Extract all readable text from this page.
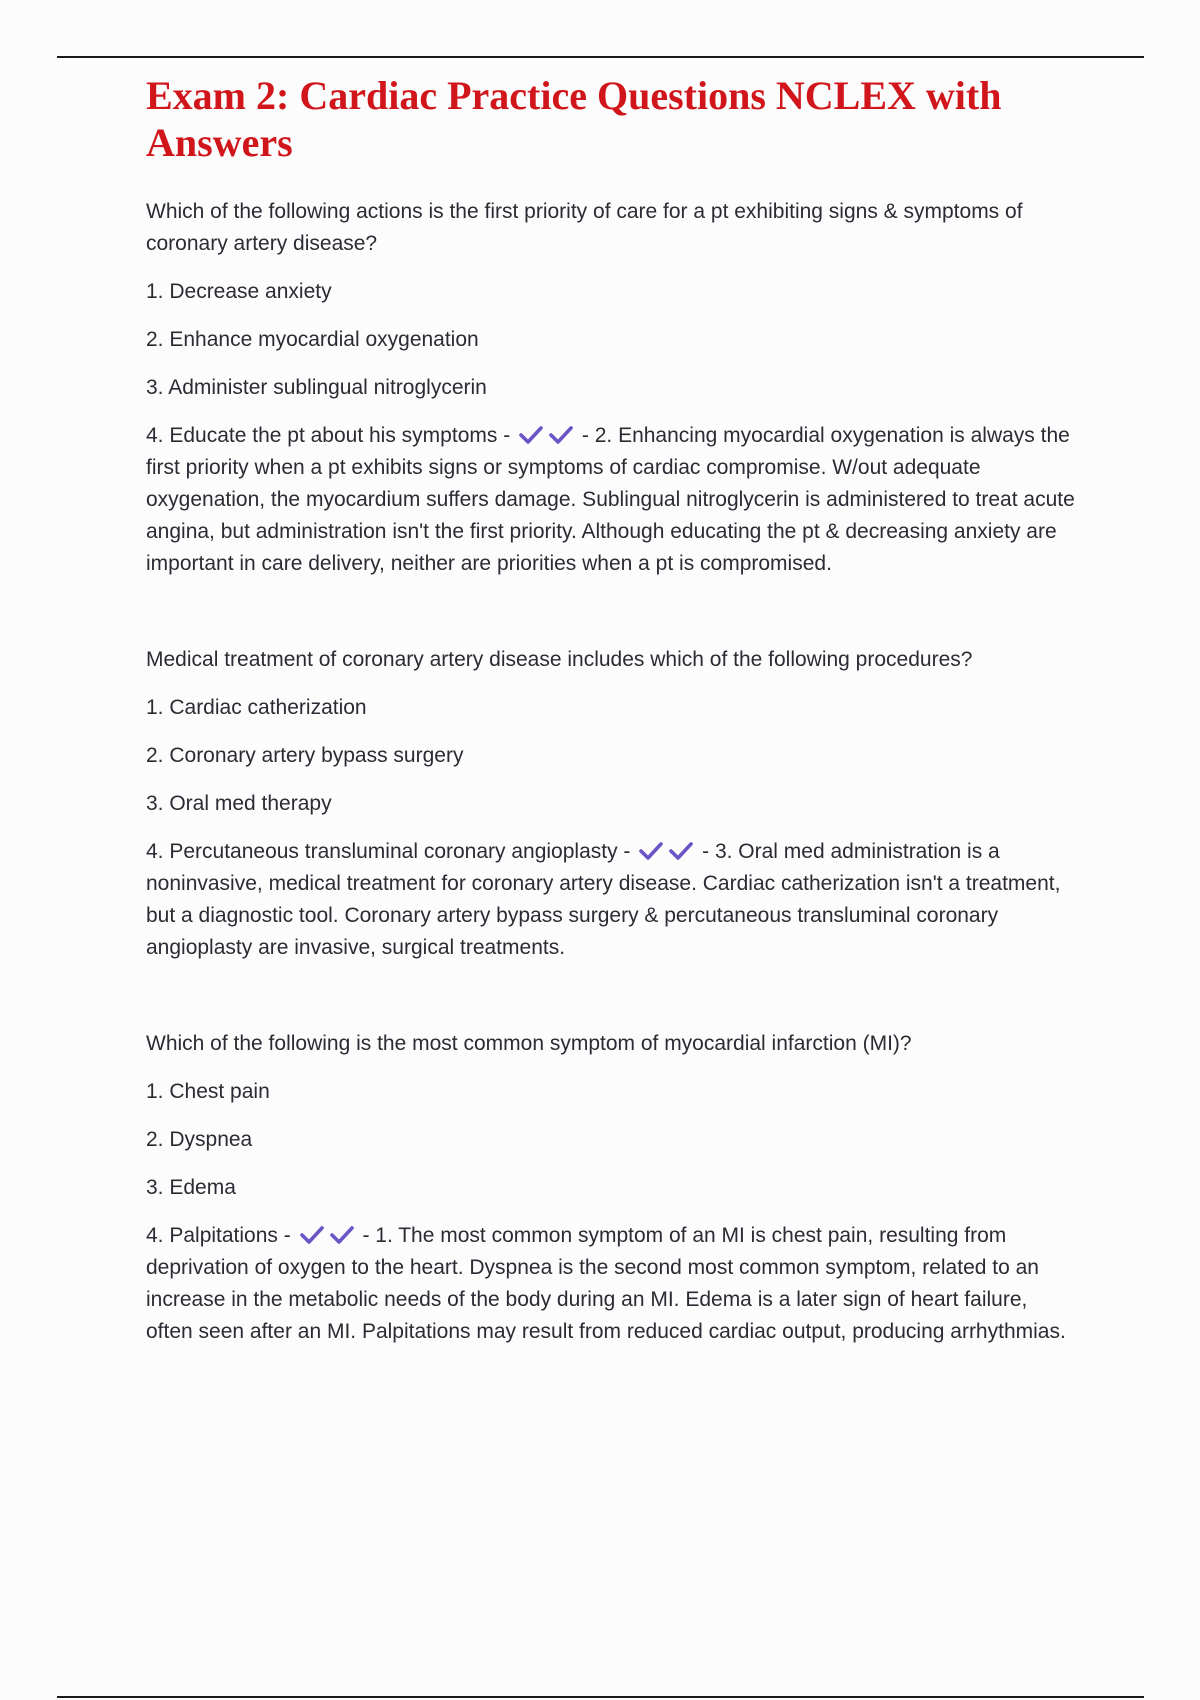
Exam 2: Cardiac Practice Questions NCLEX with Answers

Which of the following actions is the first priority of care for a pt exhibiting signs & symptoms of coronary artery disease?

1. Decrease anxiety

2. Enhance myocardial oxygenation

3. Administer sublingual nitroglycerin

4. Educate the pt about his symptoms -	- 2. Enhancing myocardial oxygenation is always the first priority when a pt exhibits signs or symptoms of cardiac compromise. W/out adequate oxygenation, the myocardium suffers damage. Sublingual nitroglycerin is administered to treat acute angina, but administration isn't the first priority. Although educating the pt & decreasing anxiety are important in care delivery, neither are priorities when a pt is compromised.

Medical treatment of coronary artery disease includes which of the following procedures?

1. Cardiac catherization

2. Coronary artery bypass surgery

3. Oral med therapy

4. Percutaneous transluminal coronary angioplasty -	- 3. Oral med administration is a noninvasive, medical treatment for coronary artery disease. Cardiac catherization isn't a treatment, but a diagnostic tool. Coronary artery bypass surgery & percutaneous transluminal coronary angioplasty are invasive, surgical treatments.

Which of the following is the most common symptom of myocardial infarction (MI)?

1. Chest pain

2. Dyspnea

3. Edema

4. Palpitations -	- 1. The most common symptom of an MI is chest pain, resulting from deprivation of oxygen to the heart. Dyspnea is the second most common symptom, related to an increase in the metabolic needs of the body during an MI. Edema is a later sign of heart failure, often seen after an MI. Palpitations may result from reduced cardiac output, producing arrhythmias.
